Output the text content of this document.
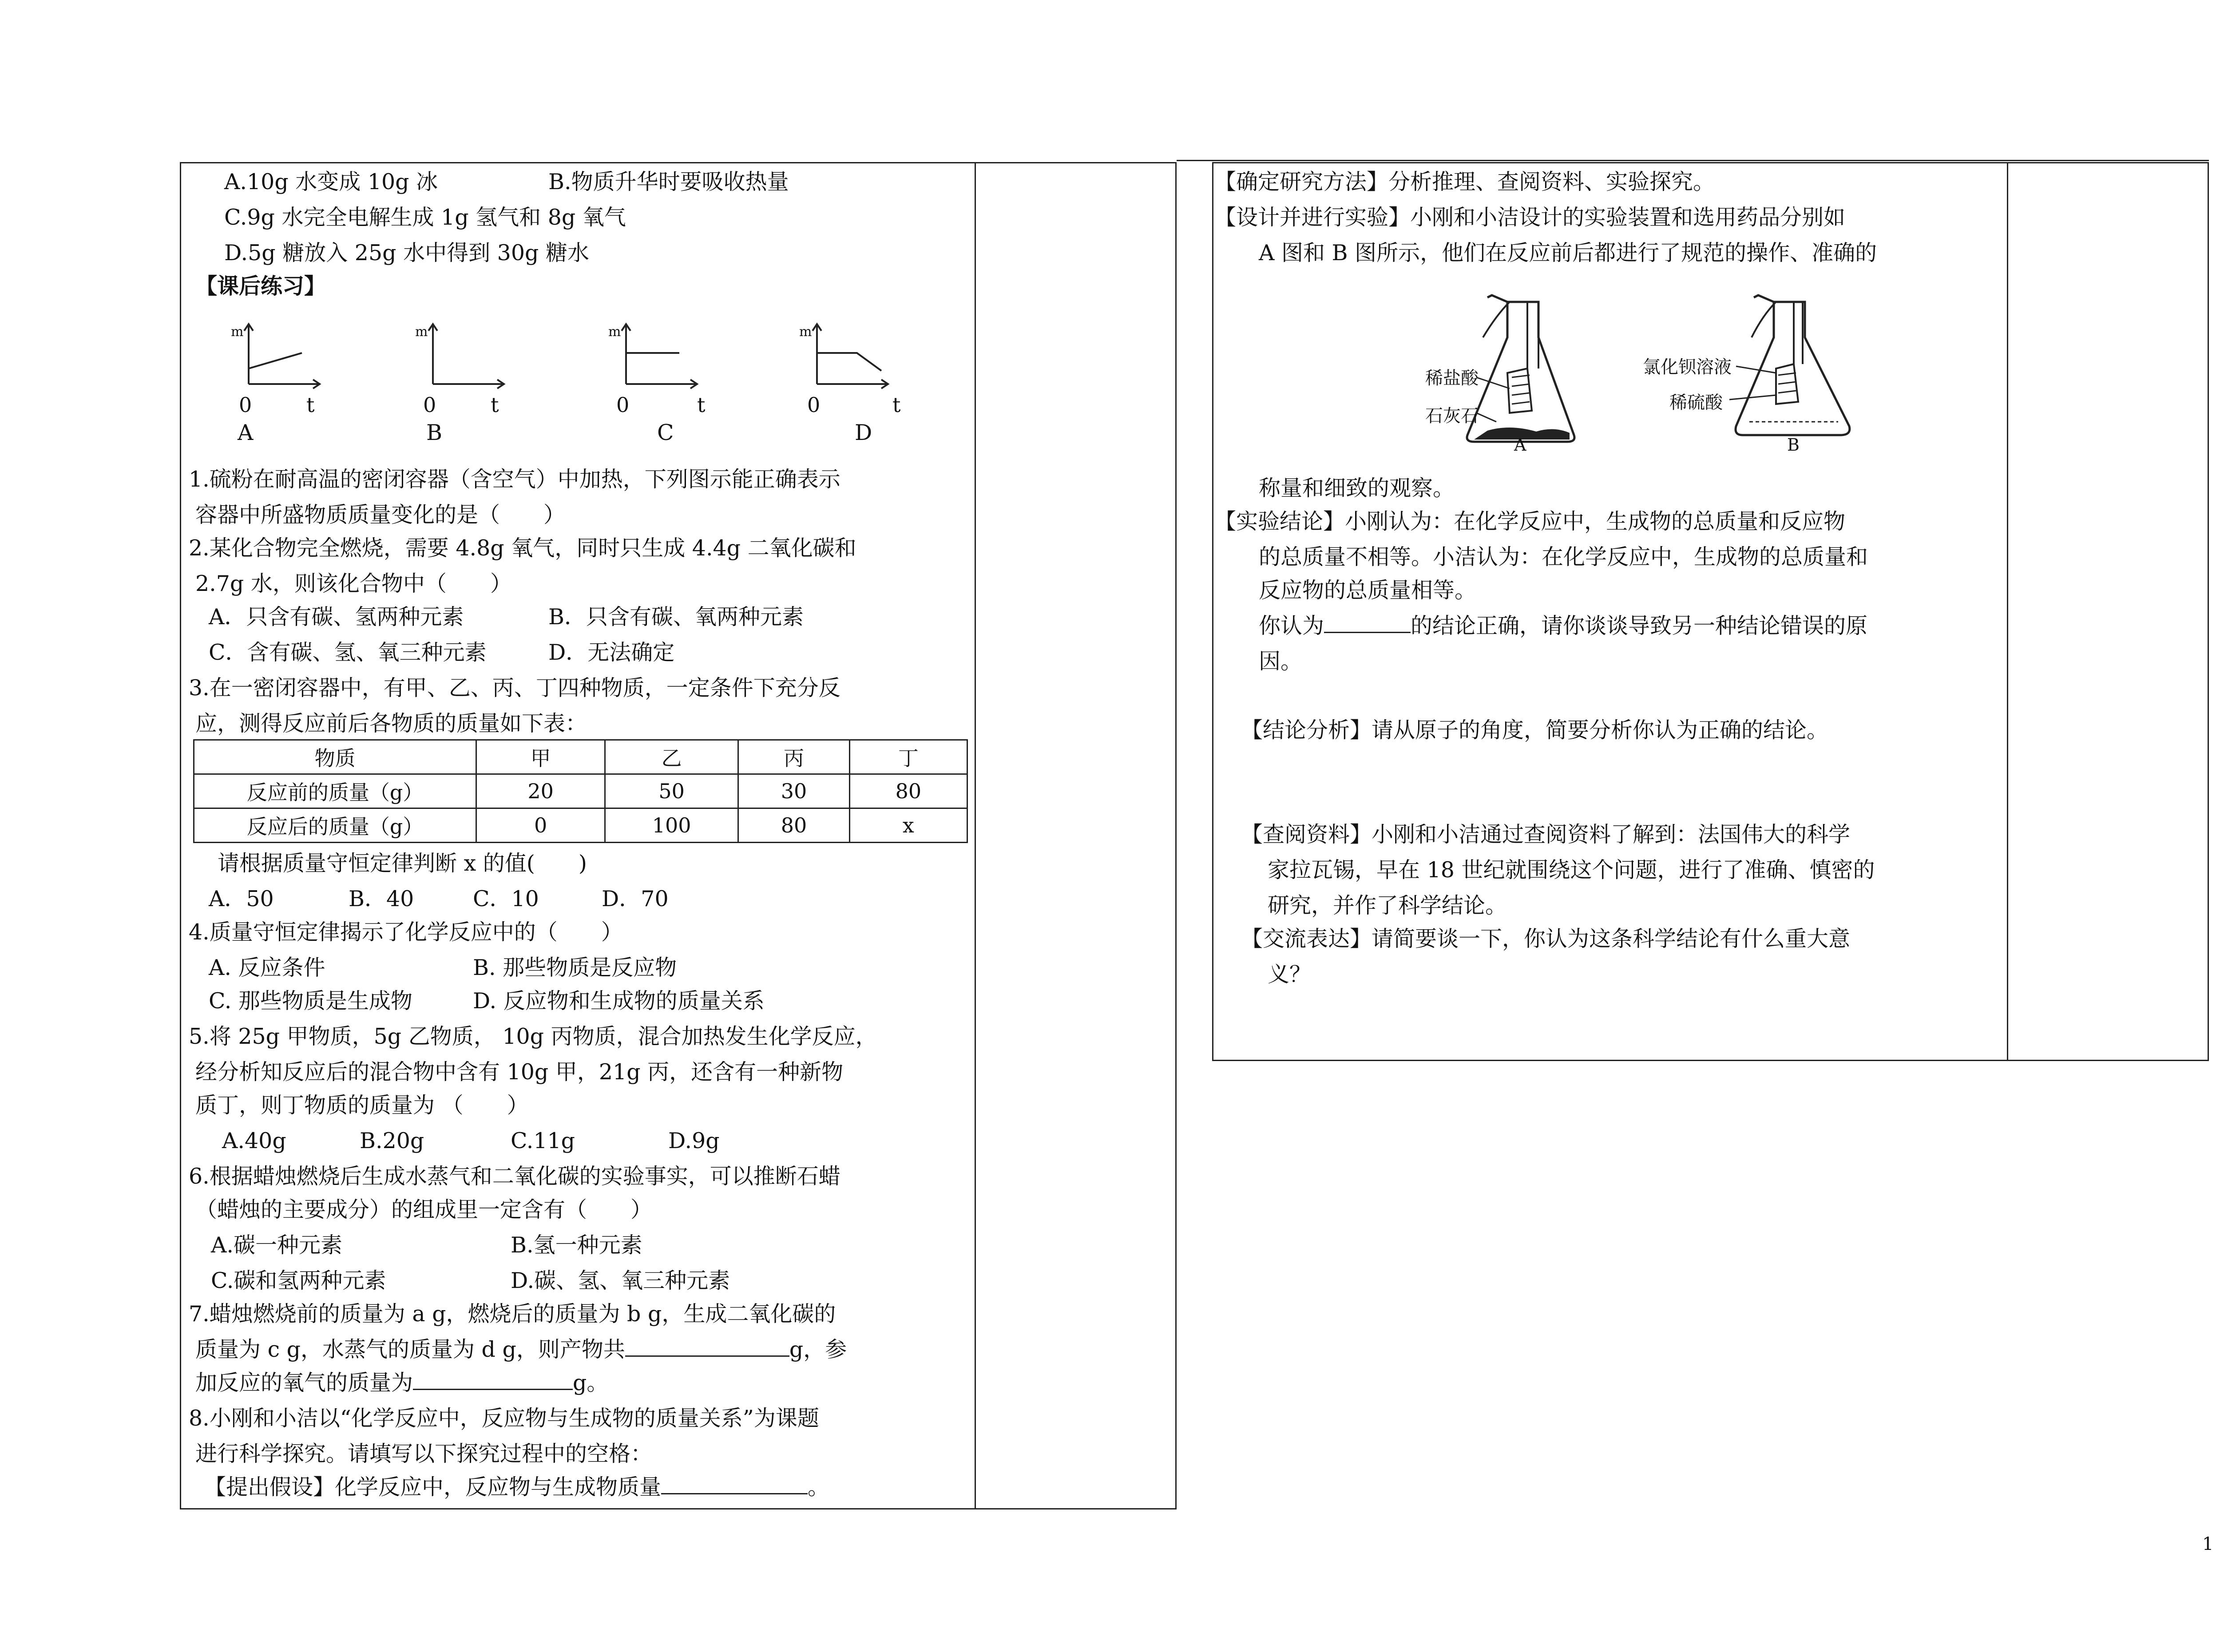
A.10g 水变成 10g 冰	B.物质升华时要吸收热量
C.9g 水完全电解生成 1g 氢气和 8g 氧气
D.5g 糖放入 25g 水中得到 30g 糖水
【课后练习】
m
0	t
A
m
0	t
B
m
0	t
C
m
0	t
D
1.硫粉在耐高温的密闭容器（含空气）中加热，下列图示能正确表示
容器中所盛物质质量变化的是（　　）
2.某化合物完全燃烧，需要 4.8g 氧气，同时只生成 4.4g 二氧化碳和
2.7g 水，则该化合物中（　　）
A．只含有碳、氢两种元素	B．只含有碳、氧两种元素
C．含有碳、氢、氧三种元素	D．无法确定
3.在一密闭容器中，有甲、乙、丙、丁四种物质，一定条件下充分反
应，测得反应前后各物质的质量如下表：
物质	甲	乙	丙	丁
反应前的质量（g）	20	50	30	80
反应后的质量（g）	0	100	80	x
请根据质量守恒定律判断 x 的值(　　)
A．50	B．40	C．10	D．70
4.质量守恒定律揭示了化学反应中的（　　）
A. 反应条件	B. 那些物质是反应物
C. 那些物质是生成物	D. 反应物和生成物的质量关系
5.将 25g 甲物质，5g 乙物质， 10g 丙物质，混合加热发生化学反应，
经分析知反应后的混合物中含有 10g 甲，21g 丙，还含有一种新物
质丁，则丁物质的质量为 （　　）
A.40g	B.20g	C.11g	D.9g
6.根据蜡烛燃烧后生成水蒸气和二氧化碳的实验事实，可以推断石蜡
（蜡烛的主要成分）的组成里一定含有（　　）
A.碳一种元素	B.氢一种元素
C.碳和氢两种元素	D.碳、氢、氧三种元素
7.蜡烛燃烧前的质量为 a g，燃烧后的质量为 b g，生成二氧化碳的
质量为 c g，水蒸气的质量为 d g，则产物共	g，参
加反应的氧气的质量为	g。
8.小刚和小洁以“化学反应中，反应物与生成物的质量关系”为课题
进行科学探究。请填写以下探究过程中的空格：
【提出假设】化学反应中，反应物与生成物质量	。
【确定研究方法】分析推理、查阅资料、实验探究。
【设计并进行实验】小刚和小洁设计的实验装置和选用药品分别如
A 图和 B 图所示，他们在反应前后都进行了规范的操作、准确的
稀盐酸
石灰石
氯化钡溶液
稀硫酸
A	B
称量和细致的观察。
【实验结论】小刚认为：在化学反应中，生成物的总质量和反应物
的总质量不相等。小洁认为：在化学反应中，生成物的总质量和
反应物的总质量相等。
你认为	的结论正确，请你谈谈导致另一种结论错误的原
因。
【结论分析】请从原子的角度，简要分析你认为正确的结论。
【查阅资料】小刚和小洁通过查阅资料了解到：法国伟大的科学
家拉瓦锡，早在 18 世纪就围绕这个问题，进行了准确、慎密的
研究，并作了科学结论。
【交流表达】请简要谈一下，你认为这条科学结论有什么重大意
义？
1
